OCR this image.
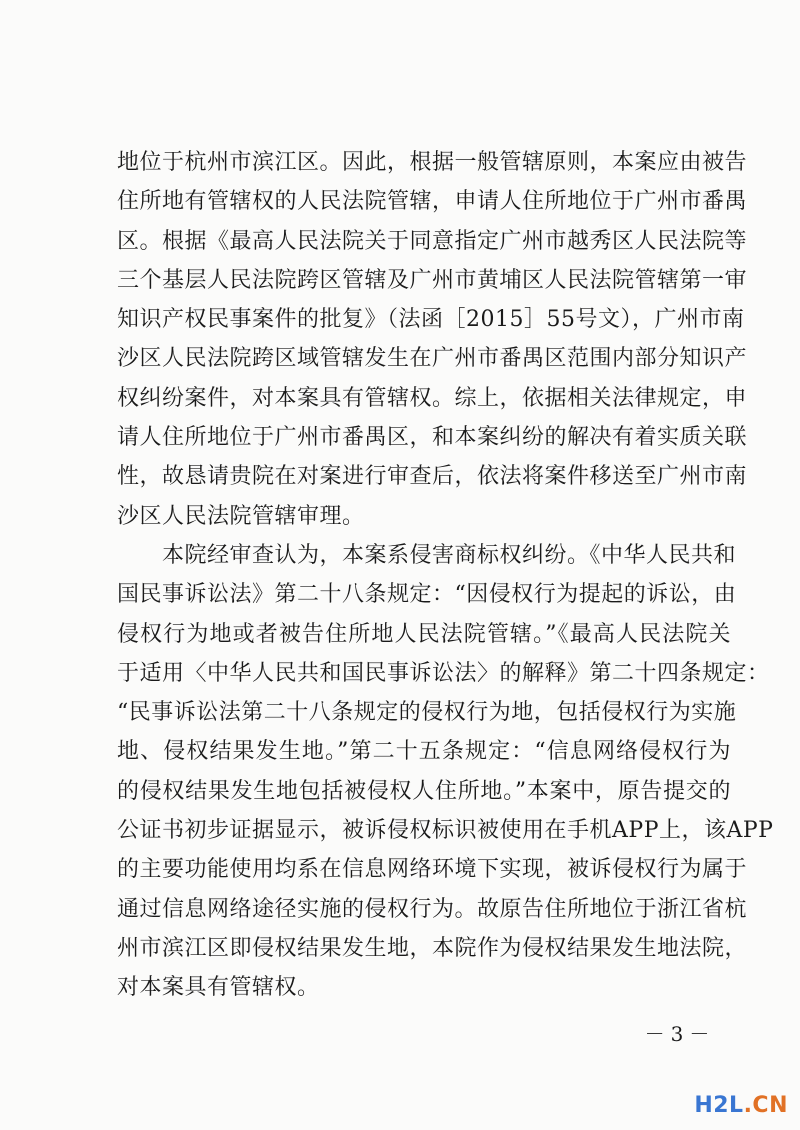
地位于杭州市滨江区。因此，根据一般管辖原则，本案应由被告
住所地有管辖权的人民法院管辖，申请人住所地位于广州市番禺
区。根据《最高人民法院关于同意指定广州市越秀区人民法院等
三个基层人民法院跨区管辖及广州市黄埔区人民法院管辖第一审
知识产权民事案件的批复》（法函［2015］55号文），广州市南
沙区人民法院跨区域管辖发生在广州市番禺区范围内部分知识产
权纠纷案件，对本案具有管辖权。综上，依据相关法律规定，申
请人住所地位于广州市番禺区，和本案纠纷的解决有着实质关联
性，故恳请贵院在对案进行审查后，依法将案件移送至广州市南
沙区人民法院管辖审理。
　　本院经审查认为，本案系侵害商标权纠纷。《中华人民共和
国民事诉讼法》第二十八条规定：“因侵权行为提起的诉讼，由
侵权行为地或者被告住所地人民法院管辖。”《最高人民法院关
于适用〈中华人民共和国民事诉讼法〉的解释》第二十四条规定：
“民事诉讼法第二十八条规定的侵权行为地，包括侵权行为实施
地、侵权结果发生地。”第二十五条规定：“信息网络侵权行为
的侵权结果发生地包括被侵权人住所地。”本案中，原告提交的
公证书初步证据显示，被诉侵权标识被使用在手机APP上，该APP
的主要功能使用均系在信息网络环境下实现，被诉侵权行为属于
通过信息网络途径实施的侵权行为。故原告住所地位于浙江省杭
州市滨江区即侵权结果发生地，本院作为侵权结果发生地法院，
对本案具有管辖权。
－3－
H2L.CN
